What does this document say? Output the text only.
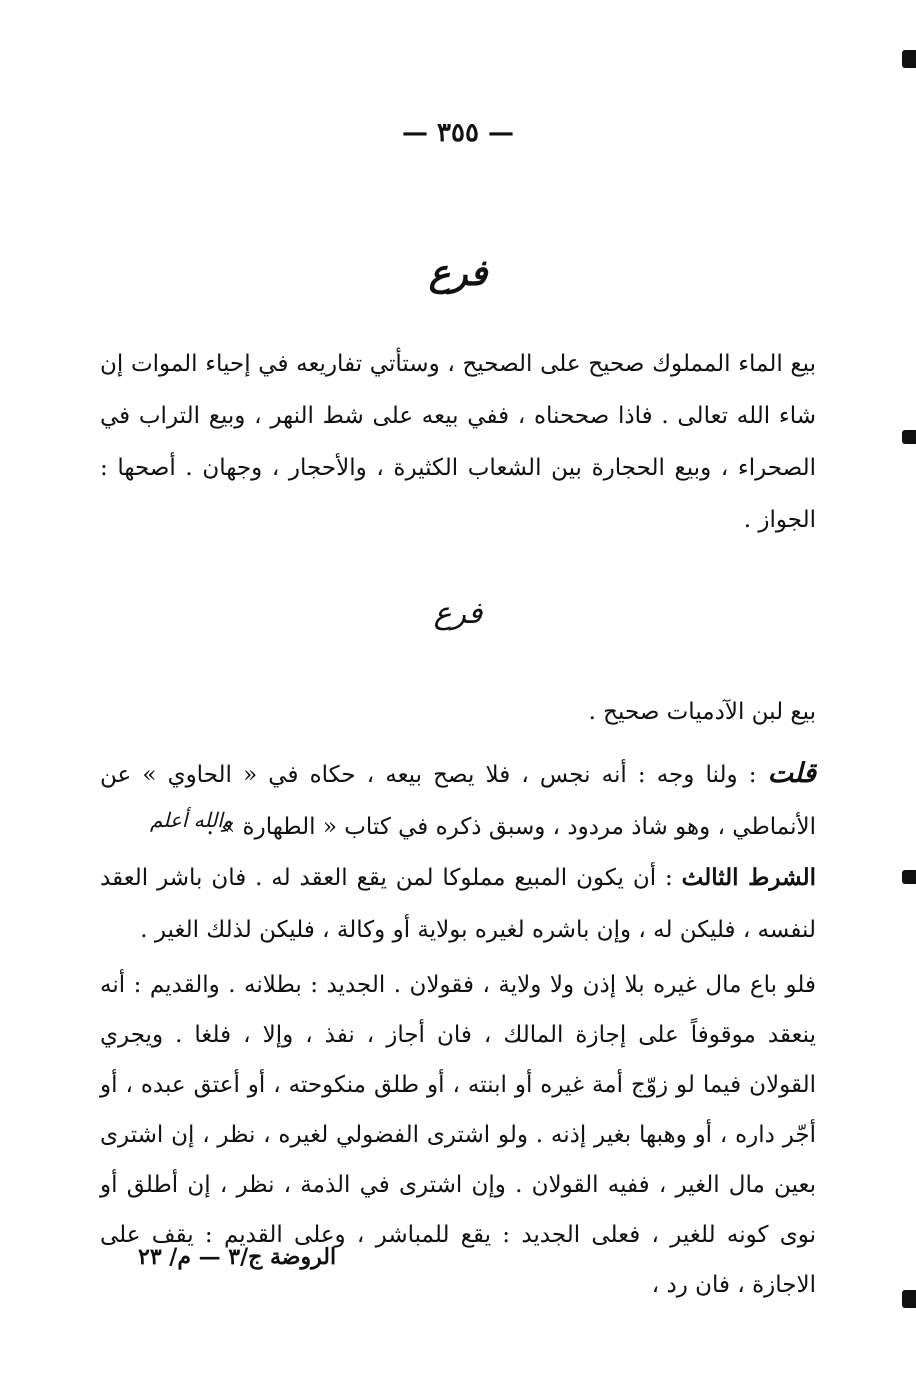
— ٣٥٥ —
فرع
بيع الماء المملوك صحيح على الصحيح ، وستأتي تفاريعه في إحياء الموات إن شاء الله تعالى . فاذا صححناه ، ففي بيعه على شط النهر ، وبيع التراب في الصحراء ، وبيع الحجارة بين الشعاب الكثيرة ، والأحجار ، وجهان . أصحها : الجواز .
فرع
بيع لبن الآدميات صحيح .
قلت : ولنا وجه : أنه نجس ، فلا يصح بيعه ، حكاه في « الحاوي » عن الأنماطي ، وهو شاذ مردود ، وسبق ذكره في كتاب « الطهارة » .
والله أعلم
الشرط الثالث : أن يكون المبيع مملوكا لمن يقع العقد له . فان باشر العقد لنفسه ، فليكن له ، وإن باشره لغيره بولاية أو وكالة ، فليكن لذلك الغير .
فلو باع مال غيره بلا إذن ولا ولاية ، فقولان . الجديد : بطلانه . والقديم : أنه ينعقد موقوفاً على إجازة المالك ، فان أجاز ، نفذ ، وإلا ، فلغا . ويجري القولان فيما لو زوّج أمة غيره أو ابنته ، أو طلق منكوحته ، أو أعتق عبده ، أو أجّر داره ، أو وهبها بغير إذنه . ولو اشترى الفضولي لغيره ، نظر ، إن اشترى بعين مال الغير ، ففيه القولان . وإن اشترى في الذمة ، نظر ، إن أطلق أو نوى كونه للغير ، فعلى الجديد : يقع للمباشر ، وعلى القديم : يقف على الاجازة ، فان رد ،
الروضة ج/٣ — م/ ٢٣
